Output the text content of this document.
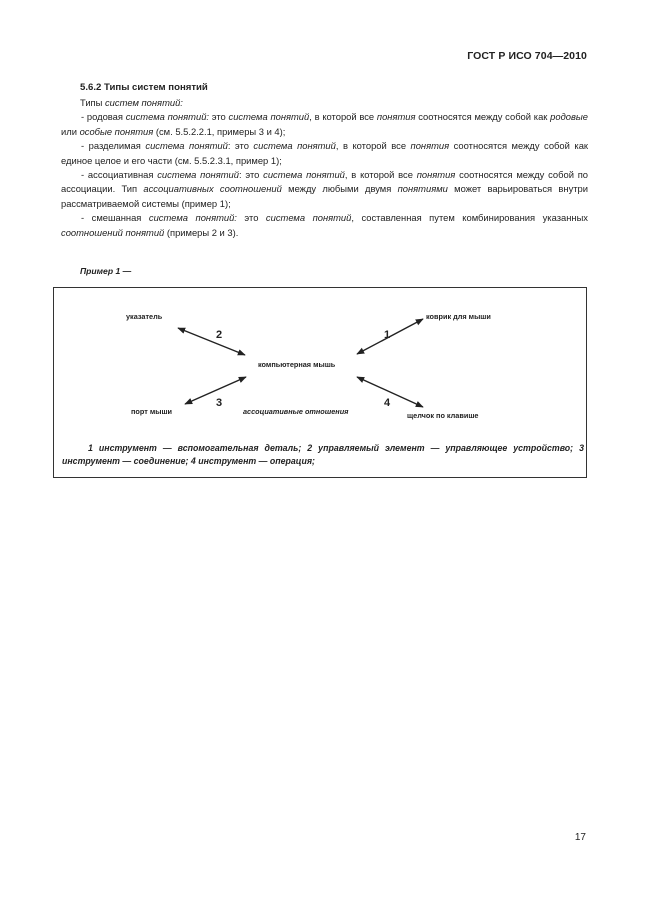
ГОСТ Р ИСО 704—2010
5.6.2 Типы систем понятий

Типы систем понятий:

- родовая система понятий: это система понятий, в которой все понятия соотносятся между собой как родовые или особые понятия (см. 5.5.2.2.1, примеры 3 и 4);

- разделимая система понятий: это система понятий, в которой все понятия соотносятся между собой как единое целое и его части (см. 5.5.2.3.1, пример 1);

- ассоциативная система понятий: это система понятий, в которой все понятия соотносятся между собой по ассоциации. Тип ассоциативных соотношений между любыми двумя понятиями может варьироваться внутри рассматриваемой системы (пример 1);

- смешанная система понятий: это система понятий, составленная путем комбинирования указанных соотношений понятий (примеры 2 и 3).

Пример 1 —
указатель	коврик для мыши
компьютерная мышь
порт мыши	щелчок по клавише
2	1
3	4
ассоциативные отношения
1 инструмент — вспомогательная деталь; 2 управляемый элемент — управляющее устройство; 3 инструмент — соединение; 4 инструмент — операция;
17
